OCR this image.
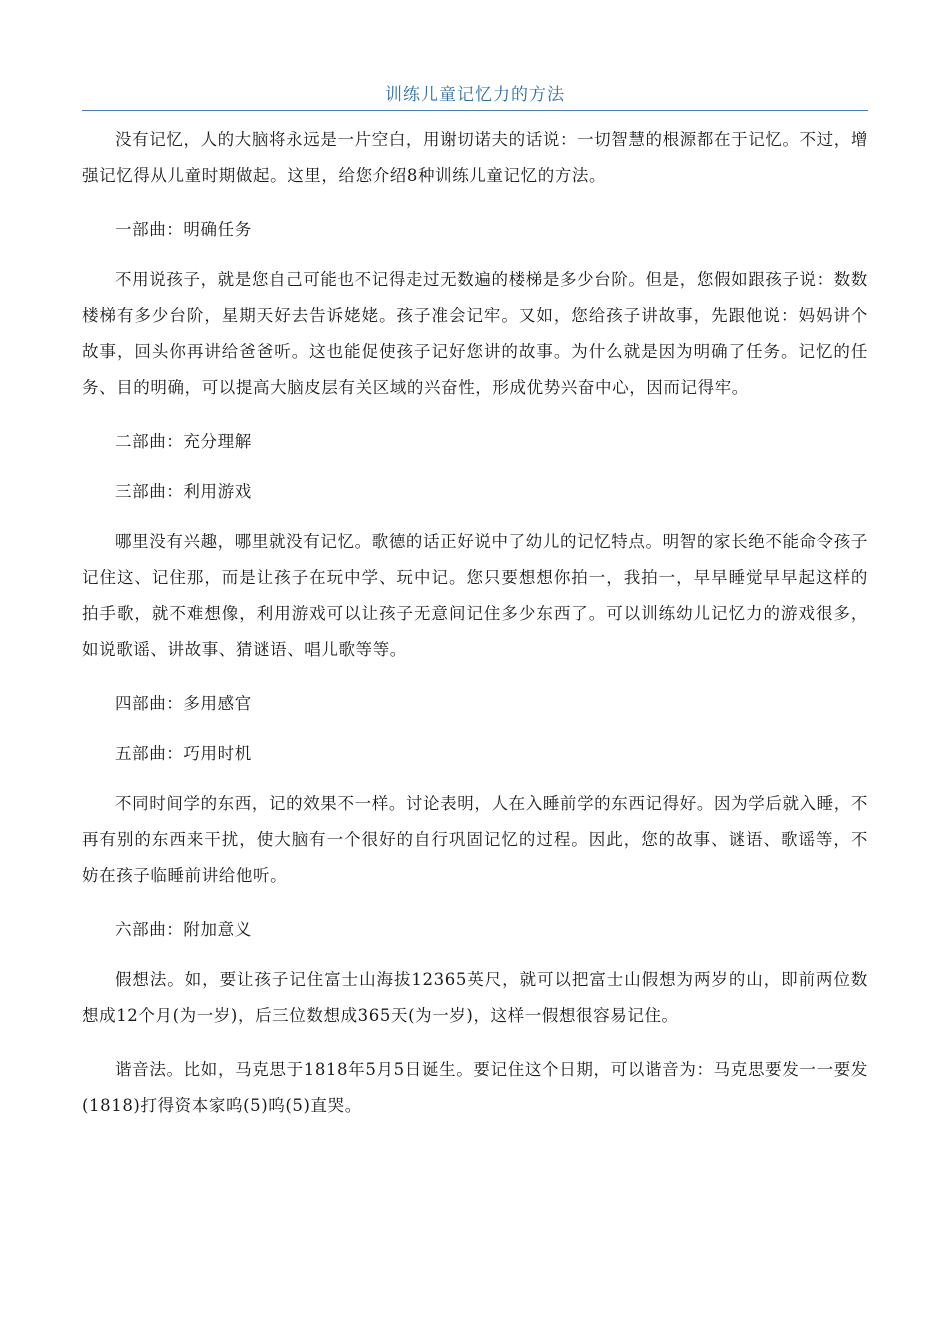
训练儿童记忆力的方法

没有记忆，人的大脑将永远是一片空白，用谢切诺夫的话说：一切智慧的根源都在于记忆。不过，增强记忆得从儿童时期做起。这里，给您介绍8种训练儿童记忆的方法。

一部曲：明确任务

不用说孩子，就是您自己可能也不记得走过无数遍的楼梯是多少台阶。但是，您假如跟孩子说：数数楼梯有多少台阶，星期天好去告诉姥姥。孩子准会记牢。又如，您给孩子讲故事，先跟他说：妈妈讲个故事，回头你再讲给爸爸听。这也能促使孩子记好您讲的故事。为什么就是因为明确了任务。记忆的任务、目的明确，可以提高大脑皮层有关区域的兴奋性，形成优势兴奋中心，因而记得牢。

二部曲：充分理解

三部曲：利用游戏

哪里没有兴趣，哪里就没有记忆。歌德的话正好说中了幼儿的记忆特点。明智的家长绝不能命令孩子记住这、记住那，而是让孩子在玩中学、玩中记。您只要想想你拍一，我拍一，早早睡觉早早起这样的拍手歌，就不难想像，利用游戏可以让孩子无意间记住多少东西了。可以训练幼儿记忆力的游戏很多，如说歌谣、讲故事、猜谜语、唱儿歌等等。

四部曲：多用感官

五部曲：巧用时机

不同时间学的东西，记的效果不一样。讨论表明，人在入睡前学的东西记得好。因为学后就入睡，不再有别的东西来干扰，使大脑有一个很好的自行巩固记忆的过程。因此，您的故事、谜语、歌谣等，不妨在孩子临睡前讲给他听。

六部曲：附加意义

假想法。如，要让孩子记住富士山海拔12365英尺，就可以把富士山假想为两岁的山，即前两位数想成12个月(为一岁)，后三位数想成365天(为一岁)，这样一假想很容易记住。

谐音法。比如，马克思于1818年5月5日诞生。要记住这个日期，可以谐音为：马克思要发一一要发(1818)打得资本家呜(5)呜(5)直哭。
